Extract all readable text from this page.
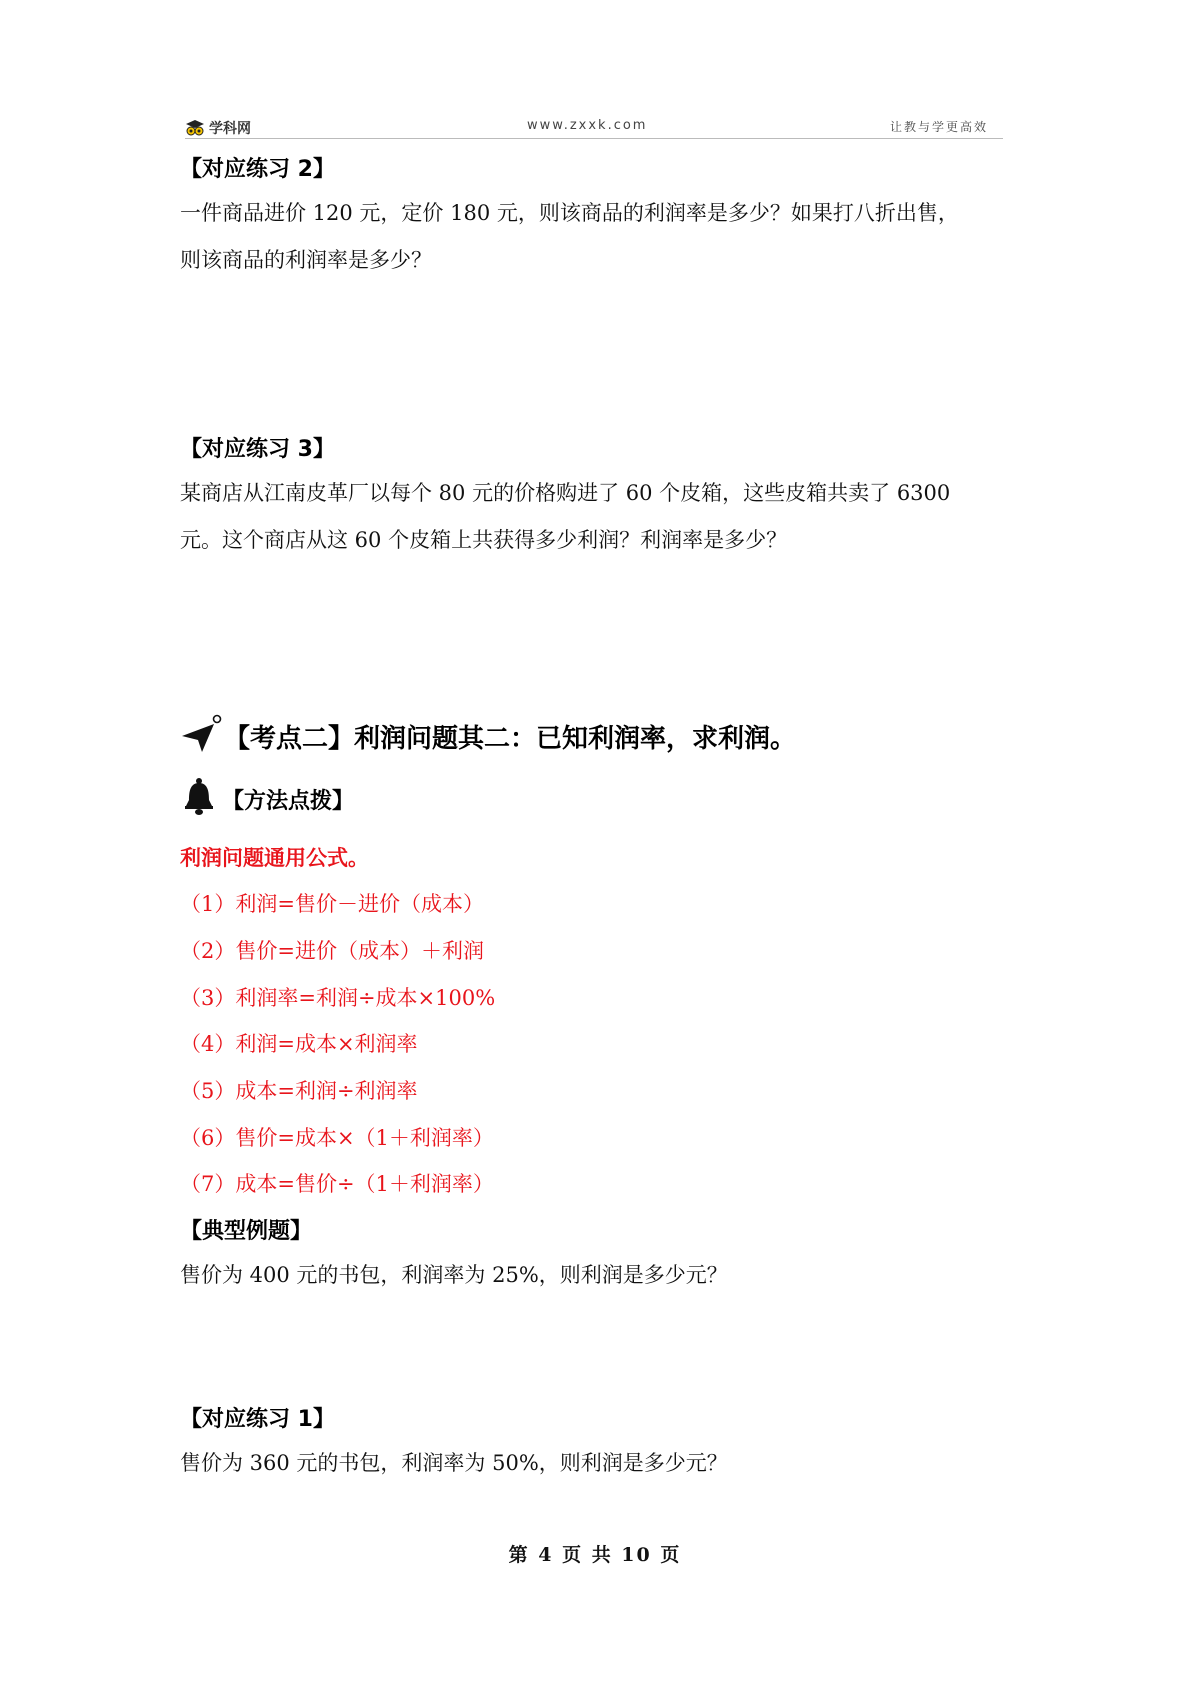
学科网	www.zxxk.com	让教与学更高效
【对应练习 2】
一件商品进价 120 元，定价 180 元，则该商品的利润率是多少？如果打八折出售，
则该商品的利润率是多少？
【对应练习 3】
某商店从江南皮革厂以每个 80 元的价格购进了 60 个皮箱，这些皮箱共卖了 6300
元。这个商店从这 60 个皮箱上共获得多少利润？利润率是多少？
【考点二】利润问题其二：已知利润率，求利润。
【方法点拨】
利润问题通用公式。
（1）利润=售价－进价（成本）
（2）售价=进价（成本）＋利润
（3）利润率=利润÷成本×100%
（4）利润=成本×利润率
（5）成本=利润÷利润率
（6）售价=成本×（1＋利润率）
（7）成本=售价÷（1＋利润率）
【典型例题】
售价为 400 元的书包，利润率为 25%，则利润是多少元？
【对应练习 1】
售价为 360 元的书包，利润率为 50%，则利润是多少元？
第 4 页 共 10 页
